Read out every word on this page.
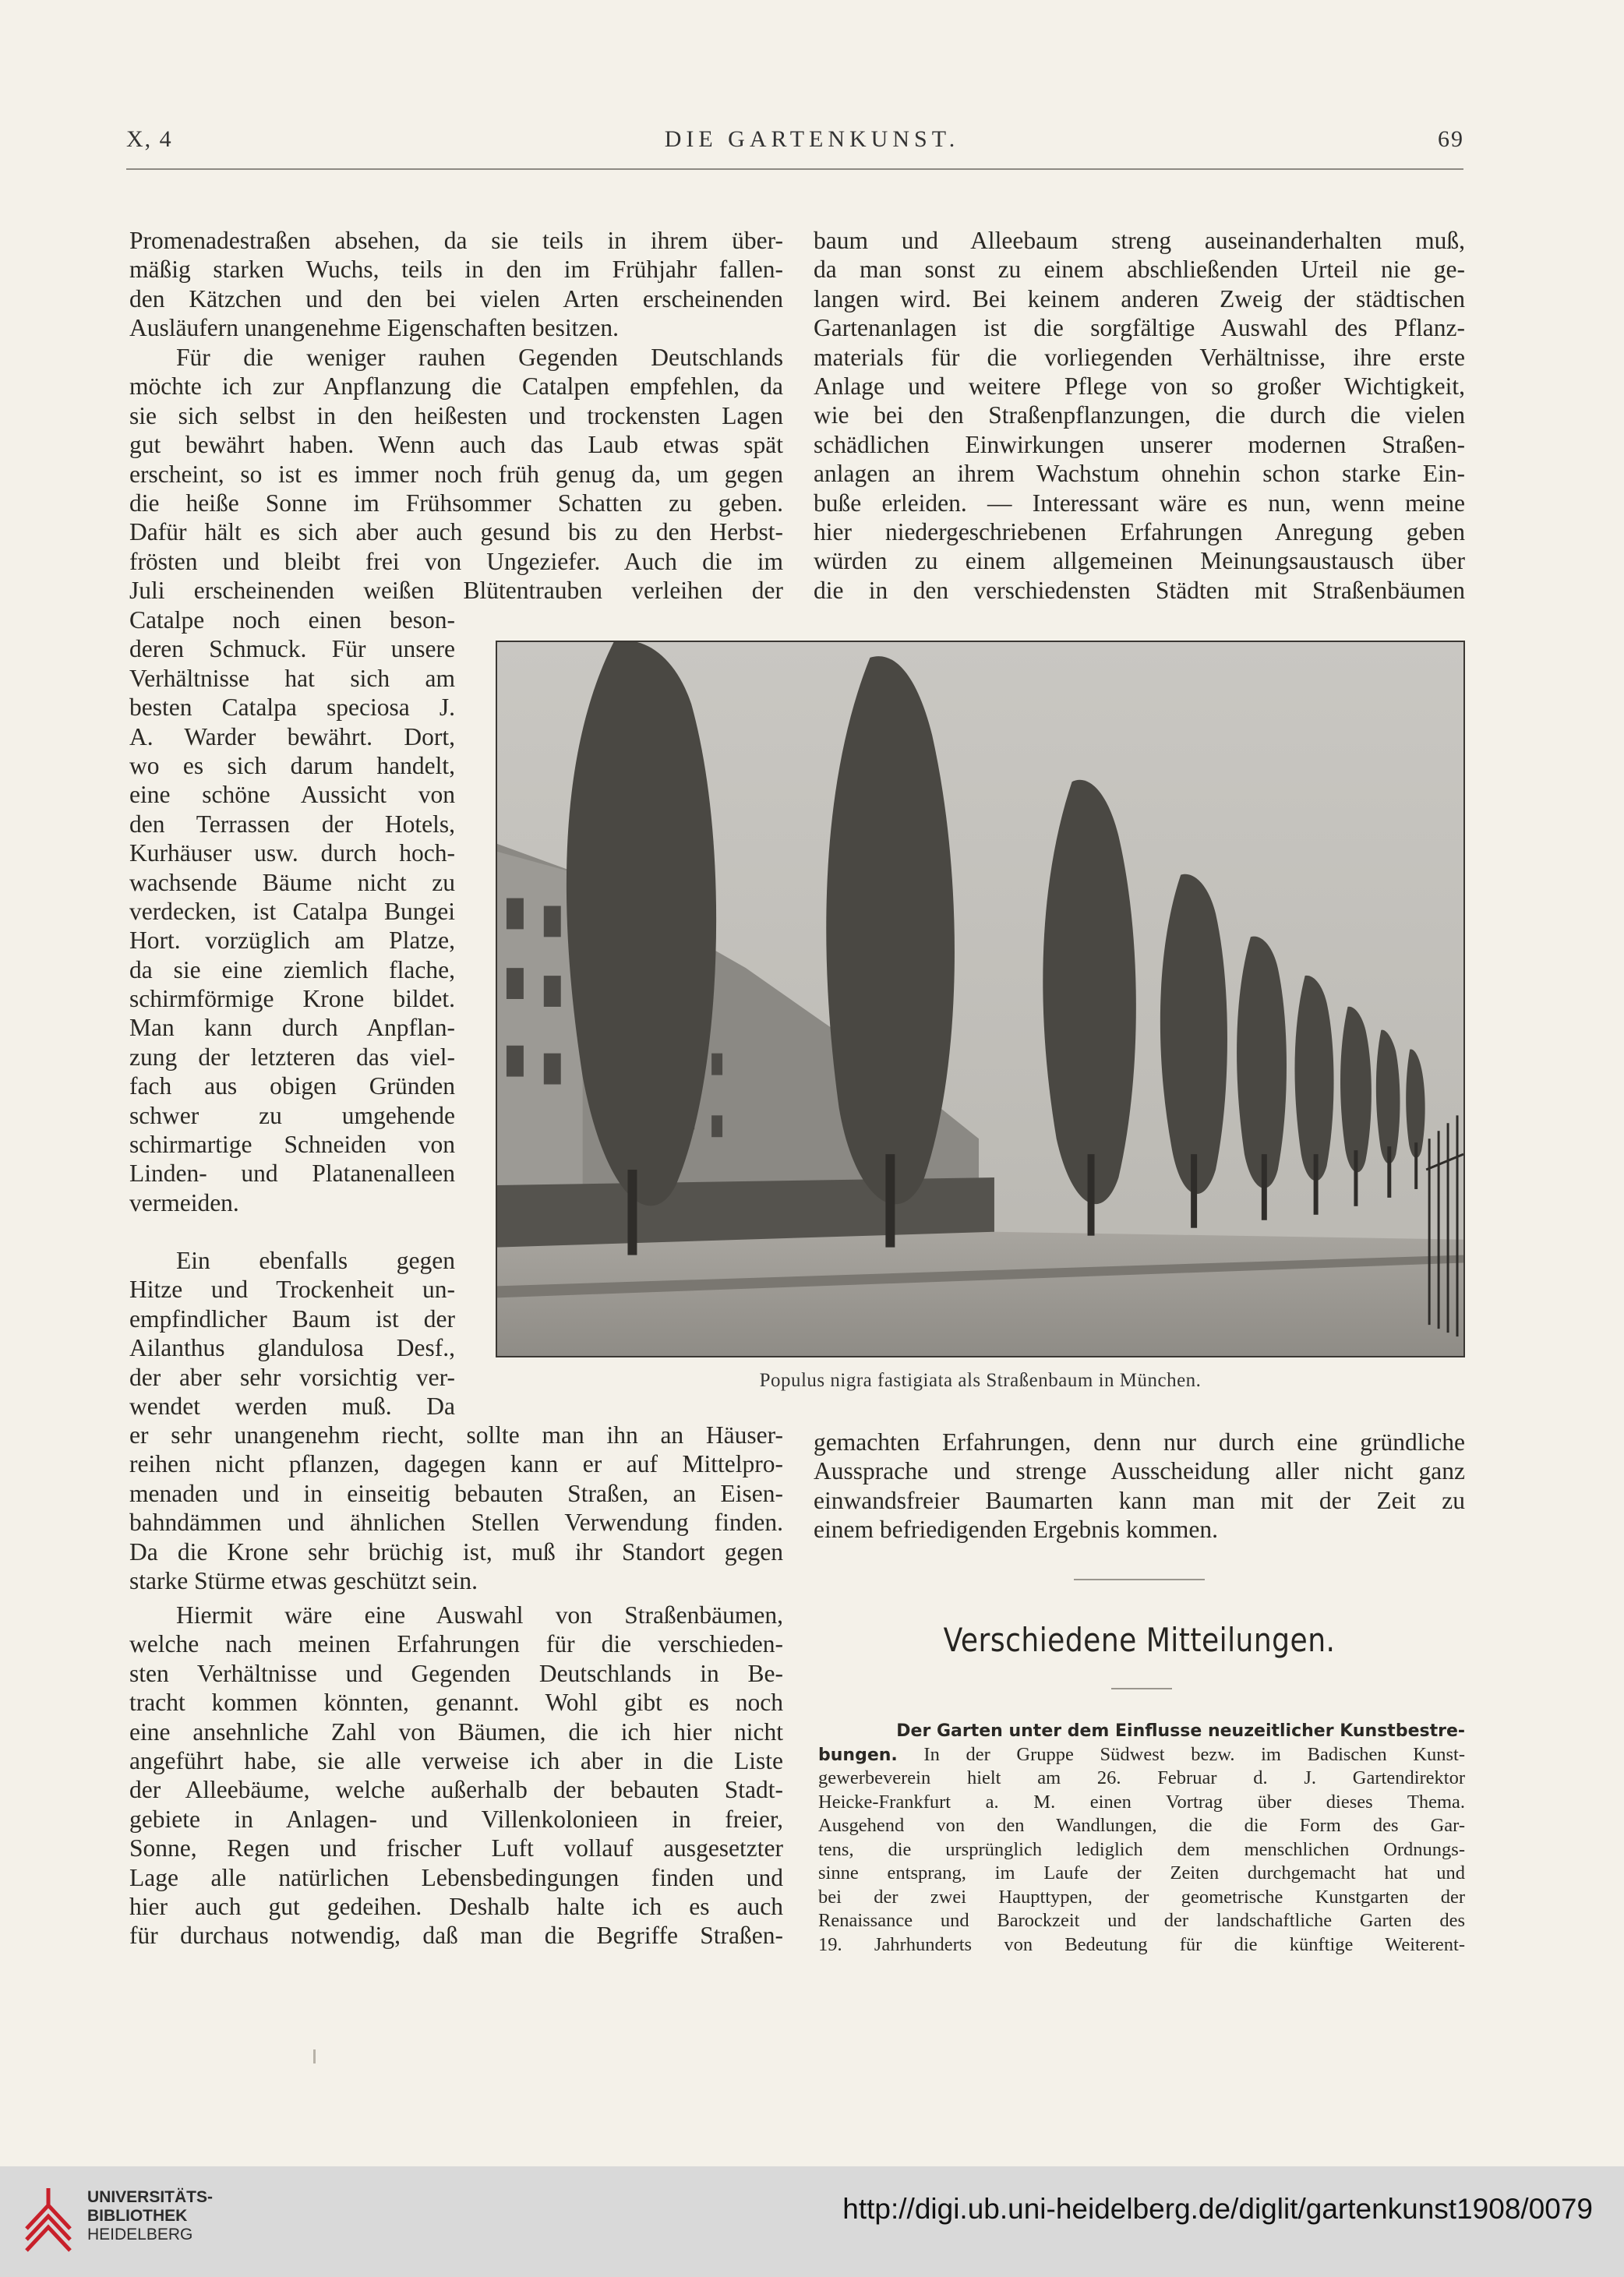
X, 4	DIE GARTENKUNST.	69
Promenadestraßen absehen, da sie teils in ihrem über-
mäßig starken Wuchs, teils in den im Frühjahr fallen-
den Kätzchen und den bei vielen Arten erscheinenden
Ausläufern unangenehme Eigenschaften besitzen.
Für die weniger rauhen Gegenden Deutschlands
möchte ich zur Anpflanzung die Catalpen empfehlen, da
sie sich selbst in den heißesten und trockensten Lagen
gut bewährt haben. Wenn auch das Laub etwas spät
erscheint, so ist es immer noch früh genug da, um gegen
die heiße Sonne im Frühsommer Schatten zu geben.
Dafür hält es sich aber auch gesund bis zu den Herbst-
frösten und bleibt frei von Ungeziefer. Auch die im
Juli erscheinenden weißen Blütentrauben verleihen der
Catalpe noch einen beson-
deren Schmuck. Für unsere
Verhältnisse hat sich am
besten Catalpa speciosa J.
A. Warder bewährt. Dort,
wo es sich darum handelt,
eine schöne Aussicht von
den Terrassen der Hotels,
Kurhäuser usw. durch hoch-
wachsende Bäume nicht zu
verdecken, ist Catalpa Bungei
Hort. vorzüglich am Platze,
da sie eine ziemlich flache,
schirmförmige Krone bildet.
Man kann durch Anpflan-
zung der letzteren das viel-
fach aus obigen Gründen
schwer zu umgehende
schirmartige Schneiden von
Linden- und Platanenalleen
vermeiden.
Ein ebenfalls gegen
Hitze und Trockenheit un-
empfindlicher Baum ist der
Ailanthus glandulosa Desf.,
der aber sehr vorsichtig ver-
wendet werden muß. Da
er sehr unangenehm riecht, sollte man ihn an Häuser-
reihen nicht pflanzen, dagegen kann er auf Mittelpro-
menaden und in einseitig bebauten Straßen, an Eisen-
bahndämmen und ähnlichen Stellen Verwendung finden.
Da die Krone sehr brüchig ist, muß ihr Standort gegen
starke Stürme etwas geschützt sein.
Hiermit wäre eine Auswahl von Straßenbäumen,
welche nach meinen Erfahrungen für die verschieden-
sten Verhältnisse und Gegenden Deutschlands in Be-
tracht kommen könnten, genannt. Wohl gibt es noch
eine ansehnliche Zahl von Bäumen, die ich hier nicht
angeführt habe, sie alle verweise ich aber in die Liste
der Alleebäume, welche außerhalb der bebauten Stadt-
gebiete in Anlagen- und Villenkolonieen in freier,
Sonne, Regen und frischer Luft vollauf ausgesetzter
Lage alle natürlichen Lebensbedingungen finden und
hier auch gut gedeihen. Deshalb halte ich es auch
für durchaus notwendig, daß man die Begriffe Straßen-
baum und Alleebaum streng auseinanderhalten muß,
da man sonst zu einem abschließenden Urteil nie ge-
langen wird. Bei keinem anderen Zweig der städtischen
Gartenanlagen ist die sorgfältige Auswahl des Pflanz-
materials für die vorliegenden Verhältnisse, ihre erste
Anlage und weitere Pflege von so großer Wichtigkeit,
wie bei den Straßenpflanzungen, die durch die vielen
schädlichen Einwirkungen unserer modernen Straßen-
anlagen an ihrem Wachstum ohnehin schon starke Ein-
buße erleiden. — Interessant wäre es nun, wenn meine
hier niedergeschriebenen Erfahrungen Anregung geben
würden zu einem allgemeinen Meinungsaustausch über
die in den verschiedensten Städten mit Straßenbäumen
Populus nigra fastigiata als Straßenbaum in München.
gemachten Erfahrungen, denn nur durch eine gründliche
Aussprache und strenge Ausscheidung aller nicht ganz
einwandsfreier Baumarten kann man mit der Zeit zu
einem befriedigenden Ergebnis kommen.
Verschiedene Mitteilungen.
Der Garten unter dem Einflusse neuzeitlicher Kunstbestre-
bungen. In der Gruppe Südwest bezw. im Badischen Kunst-
gewerbeverein hielt am 26. Februar d. J. Gartendirektor
Heicke-Frankfurt a. M. einen Vortrag über dieses Thema.
Ausgehend von den Wandlungen, die die Form des Gar-
tens, die ursprünglich lediglich dem menschlichen Ordnungs-
sinne entsprang, im Laufe der Zeiten durchgemacht hat und
bei der zwei Haupttypen, der geometrische Kunstgarten der
Renaissance und Barockzeit und der landschaftliche Garten des
19. Jahrhunderts von Bedeutung für die künftige Weiterent-
UNIVERSITÄTS-
BIBLIOTHEK
HEIDELBERG
http://digi.ub.uni-heidelberg.de/diglit/gartenkunst1908/0079
